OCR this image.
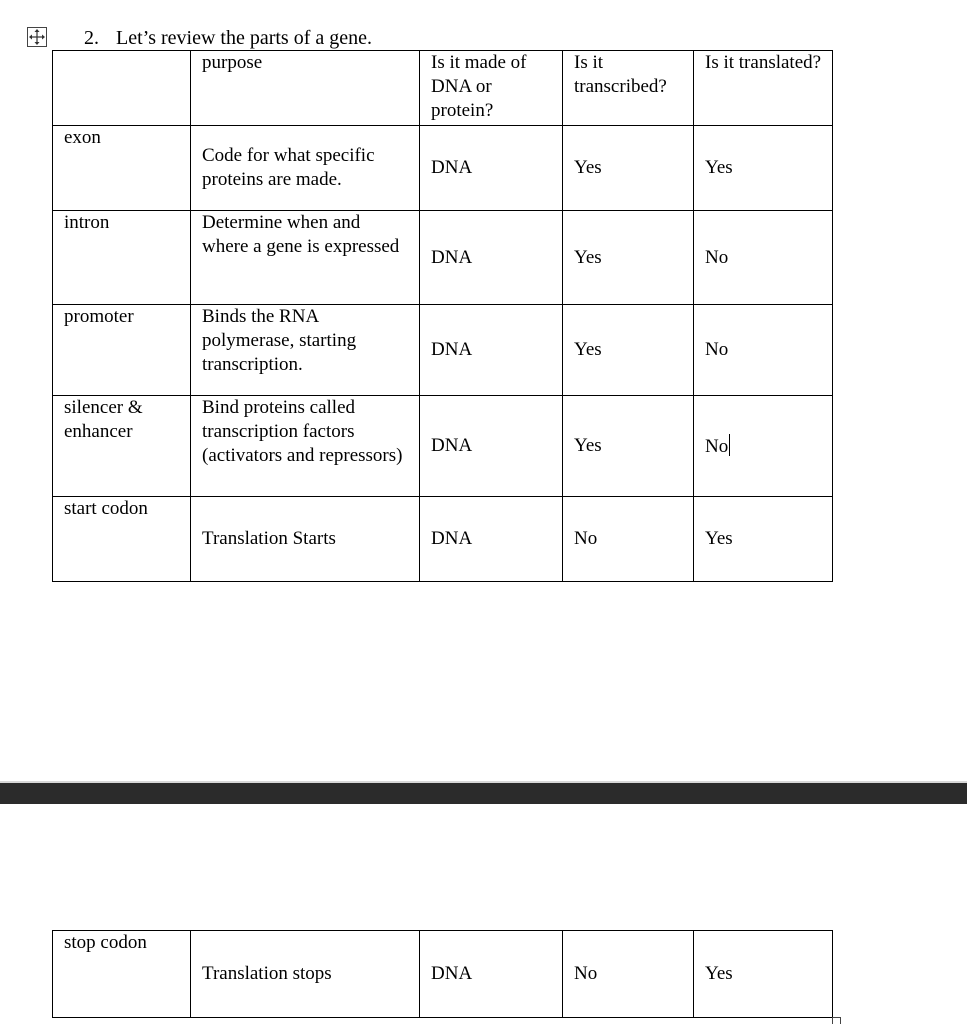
2. Let’s review the parts of a gene.
	purpose	Is it made of DNA or protein?	Is it transcribed?	Is it translated?
exon	Code for what specific proteins are made.	DNA	Yes	Yes
intron	Determine when and where a gene is expressed	DNA	Yes	No
promoter	Binds the RNA polymerase, starting transcription.	DNA	Yes	No
silencer & enhancer	Bind proteins called transcription factors (activators and repressors)	DNA	Yes	No
start codon	Translation Starts	DNA	No	Yes
stop codon	Translation stops	DNA	No	Yes
